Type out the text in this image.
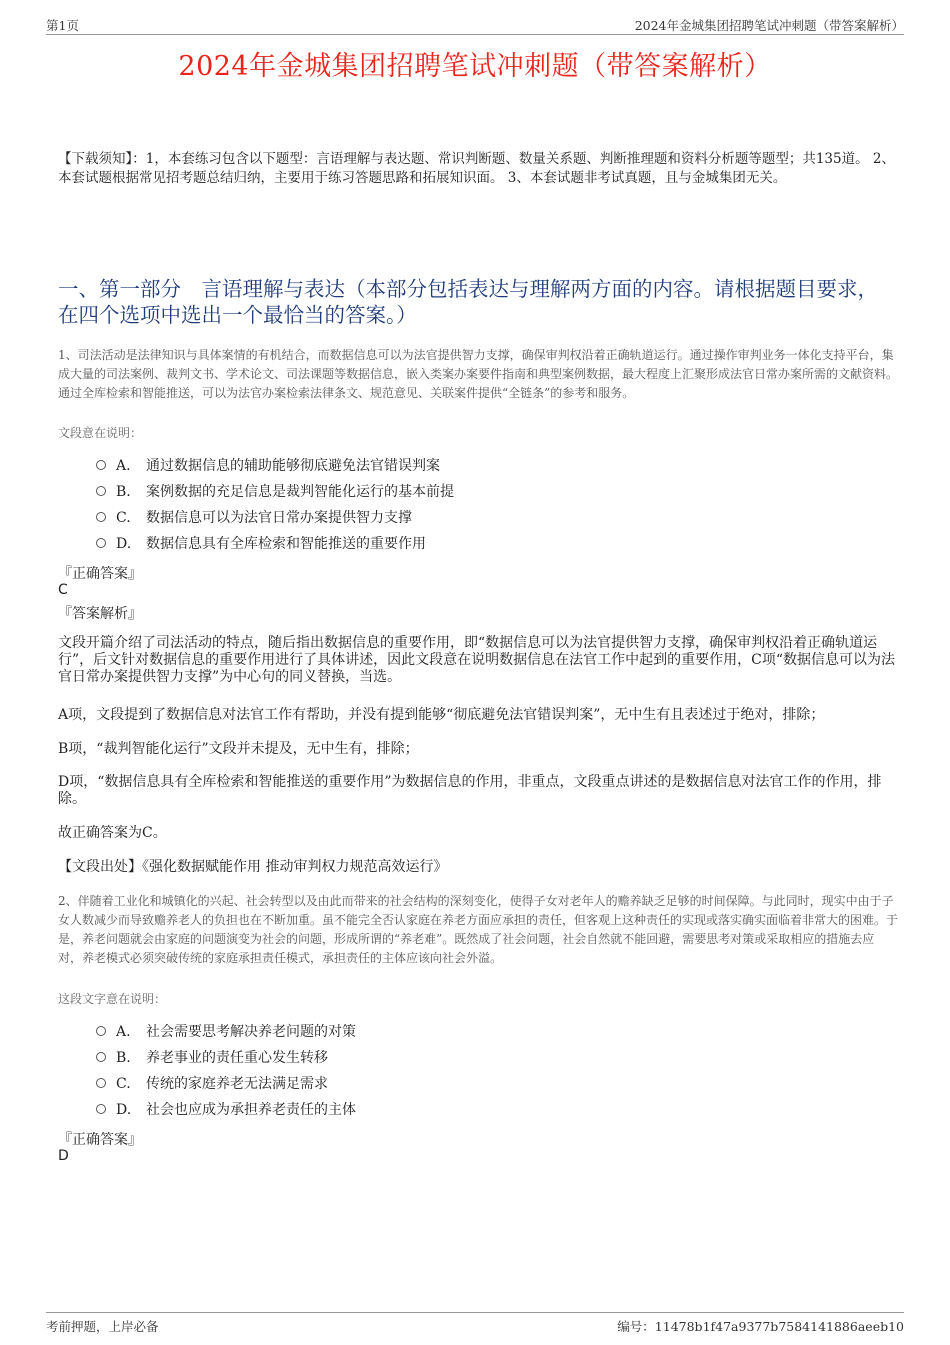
第1页	2024年金城集团招聘笔试冲刺题（带答案解析）
2024年金城集团招聘笔试冲刺题（带答案解析）
【下载须知】：1，本套练习包含以下题型：言语理解与表达题、常识判断题、数量关系题、判断推理题和资料分析题等题型；共135道。 2、本套试题根据常见招考题总结归纳，主要用于练习答题思路和拓展知识面。 3、本套试题非考试真题，且与金城集团无关。
一、第一部分　言语理解与表达（本部分包括表达与理解两方面的内容。请根据题目要求，在四个选项中选出一个最恰当的答案。）
1、司法活动是法律知识与具体案情的有机结合，而数据信息可以为法官提供智力支撑，确保审判权沿着正确轨道运行。通过操作审判业务一体化支持平台，集成大量的司法案例、裁判文书、学术论文、司法课题等数据信息，嵌入类案办案要件指南和典型案例数据，最大程度上汇聚形成法官日常办案所需的文献资料。通过全库检索和智能推送，可以为法官办案检索法律条文、规范意见、关联案件提供“全链条”的参考和服务。
文段意在说明：
A. 通过数据信息的辅助能够彻底避免法官错误判案
B. 案例数据的充足信息是裁判智能化运行的基本前提
C. 数据信息可以为法官日常办案提供智力支撑
D. 数据信息具有全库检索和智能推送的重要作用
『正确答案』
C
『答案解析』
文段开篇介绍了司法活动的特点，随后指出数据信息的重要作用，即“数据信息可以为法官提供智力支撑，确保审判权沿着正确轨道运行”，后文针对数据信息的重要作用进行了具体讲述，因此文段意在说明数据信息在法官工作中起到的重要作用，C项“数据信息可以为法官日常办案提供智力支撑”为中心句的同义替换，当选。
A项，文段提到了数据信息对法官工作有帮助，并没有提到能够“彻底避免法官错误判案”，无中生有且表述过于绝对，排除；
B项，“裁判智能化运行”文段并未提及，无中生有，排除；
D项，“数据信息具有全库检索和智能推送的重要作用”为数据信息的作用，非重点，文段重点讲述的是数据信息对法官工作的作用，排除。
故正确答案为C。
【文段出处】《强化数据赋能作用 推动审判权力规范高效运行》
2、伴随着工业化和城镇化的兴起、社会转型以及由此而带来的社会结构的深刻变化，使得子女对老年人的赡养缺乏足够的时间保障。与此同时，现实中由于子女人数减少而导致赡养老人的负担也在不断加重。虽不能完全否认家庭在养老方面应承担的责任，但客观上这种责任的实现或落实确实面临着非常大的困难。于是，养老问题就会由家庭的问题演变为社会的问题，形成所谓的“养老难”。既然成了社会问题，社会自然就不能回避，需要思考对策或采取相应的措施去应对，养老模式必须突破传统的家庭承担责任模式，承担责任的主体应该向社会外溢。
这段文字意在说明：
A. 社会需要思考解决养老问题的对策
B. 养老事业的责任重心发生转移
C. 传统的家庭养老无法满足需求
D. 社会也应成为承担养老责任的主体
『正确答案』
D
考前押题，上岸必备	编号：11478b1f47a9377b7584141886aeeb10
